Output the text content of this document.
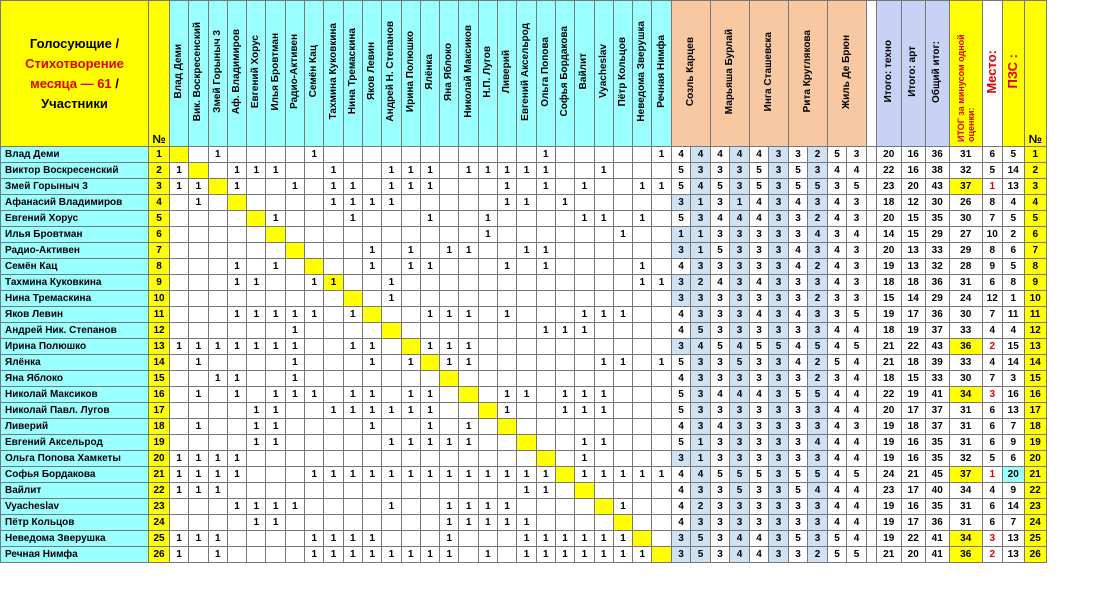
Голосующие /
Стихотворение
месяца — 61 /
Участники	№	Влад Деми	Вик. Воскресенский	Змей Горыныч 3	Аф. Владимиров	Евгений Хорус	Илья Бровтман	Радио-Активен	Семён Кац	Тахмина Куковкина	Нина Тремаскина	Яков Левин	Андрей Н. Степанов	Ирина Полюшко	Ялёнка	Яна Яблоко	Николай Максиков	Н.П. Лугов	Ливерий	Евгений Аксельрод	Ольга Попова	Софья Бордакова	Вайлит	Vyacheslav	Пётр Кольцов	Неведома Зверушка	Речная Нимфа	Созль Карцев		Марьяша Бурлай		Инга Сташевска		Рита Круглякова		Жиль Де Брюн			Итого: техно	Итого: арт	Общий итог:	ИТОГ за минусом одной оценки:	Место:	ПЗС :	№
Влад Деми	1			1					1												1						1	4	4	4	4	4	3	3	2	5	3		20	16	36	31	6	5	1
Виктор Воскресенский	2	1			1	1	1			1			1	1	1		1	1	1	1	1			1				5	3	3	3	5	3	5	3	4	4		22	16	38	32	5	14	2
Змей Горыныч 3	3	1	1		1			1		1	1		1	1	1				1		1		1			1	1	5	4	5	3	5	3	5	5	3	5		23	20	43	37	1	13	3
Афанасий Владимиров	4		1							1	1	1	1						1	1		1						3	1	3	1	4	3	4	3	4	3		18	12	30	26	8	4	4
Евгений Хорус	5						1				1				1			1					1	1		1		5	3	4	4	4	3	3	2	4	3		20	15	35	30	7	5	5
Илья Бровтман	6																	1							1			1	1	3	3	3	3	3	4	3	4		14	15	29	27	10	2	6
Радио-Активен	7											1		1		1	1			1	1							3	1	5	3	3	3	4	3	4	3		20	13	33	29	8	6	7
Семён Кац	8				1		1					1		1	1				1		1					1		4	3	3	3	3	3	4	2	4	3		19	13	32	28	9	5	8
Тахмина Куковкина	9				1	1			1	1			1													1	1	3	2	4	3	4	3	3	3	4	3		18	18	36	31	6	8	9
Нина Тремаскина	10												1															3	3	3	3	3	3	3	2	3	3		15	14	29	24	12	1	10
Яков Левин	11				1	1	1	1	1		1				1	1	1		1				1	1	1			4	3	3	3	4	3	4	3	3	5		19	17	36	30	7	11	11
Андрей Ник. Степанов	12							1													1	1	1					4	5	3	3	3	3	3	3	4	4		18	19	37	33	4	4	12
Ирина Полюшко	13	1	1	1	1	1	1	1			1	1			1	1	1											3	4	5	4	5	5	4	5	4	5		21	22	43	36	2	15	13
Ялёнка	14		1					1				1		1		1	1							1	1		1	5	3	3	5	3	3	4	2	5	4		21	18	39	33	4	14	14
Яна Яблоко	15			1	1			1																				4	3	3	3	3	3	3	2	3	4		18	15	33	30	7	3	15
Николай Максиков	16		1		1		1	1	1		1	1		1	1				1	1		1	1	1				5	3	4	4	4	3	5	5	4	4		22	19	41	34	3	16	16
Николай Павл. Лугов	17					1	1			1	1	1	1	1	1				1			1	1	1				5	3	3	3	3	3	3	3	4	4		20	17	37	31	6	13	17
Ливерий	18		1			1	1					1			1		1											4	3	4	3	3	3	3	3	4	3		19	18	37	31	6	7	18
Евгений Аксельрод	19					1	1						1	1	1	1	1						1	1				5	1	3	3	3	3	3	4	4	4		19	16	35	31	6	9	19
Ольга Попова Хамкеты	20	1	1	1	1																		1					3	1	3	3	3	3	3	3	4	4		19	16	35	32	5	6	20
Софья Бордакова	21	1	1	1	1				1	1	1	1	1	1	1	1	1	1	1	1	1		1	1	1	1	1	4	4	5	5	5	3	5	5	4	5		24	21	45	37	1	20	21
Вайлит	22	1	1	1																1	1							4	3	3	5	3	3	5	4	4	4		23	17	40	34	4	9	22
Vyacheslav	23				1	1	1	1					1			1	1	1	1						1			4	2	3	3	3	3	3	3	4	4		19	16	35	31	6	14	23
Пётр Кольцов	24					1	1									1	1	1	1	1								4	3	3	3	3	3	3	3	4	4		19	17	36	31	6	7	24
Неведома Зверушка	25	1	1	1					1	1	1	1				1				1	1	1	1	1	1			3	5	3	4	4	3	5	3	5	4		19	22	41	34	3	13	25
Речная Нимфа	26	1		1					1	1	1	1	1	1	1	1		1		1	1	1	1	1	1	1		3	5	3	4	4	3	3	2	5	5		21	20	41	36	2	13	26
